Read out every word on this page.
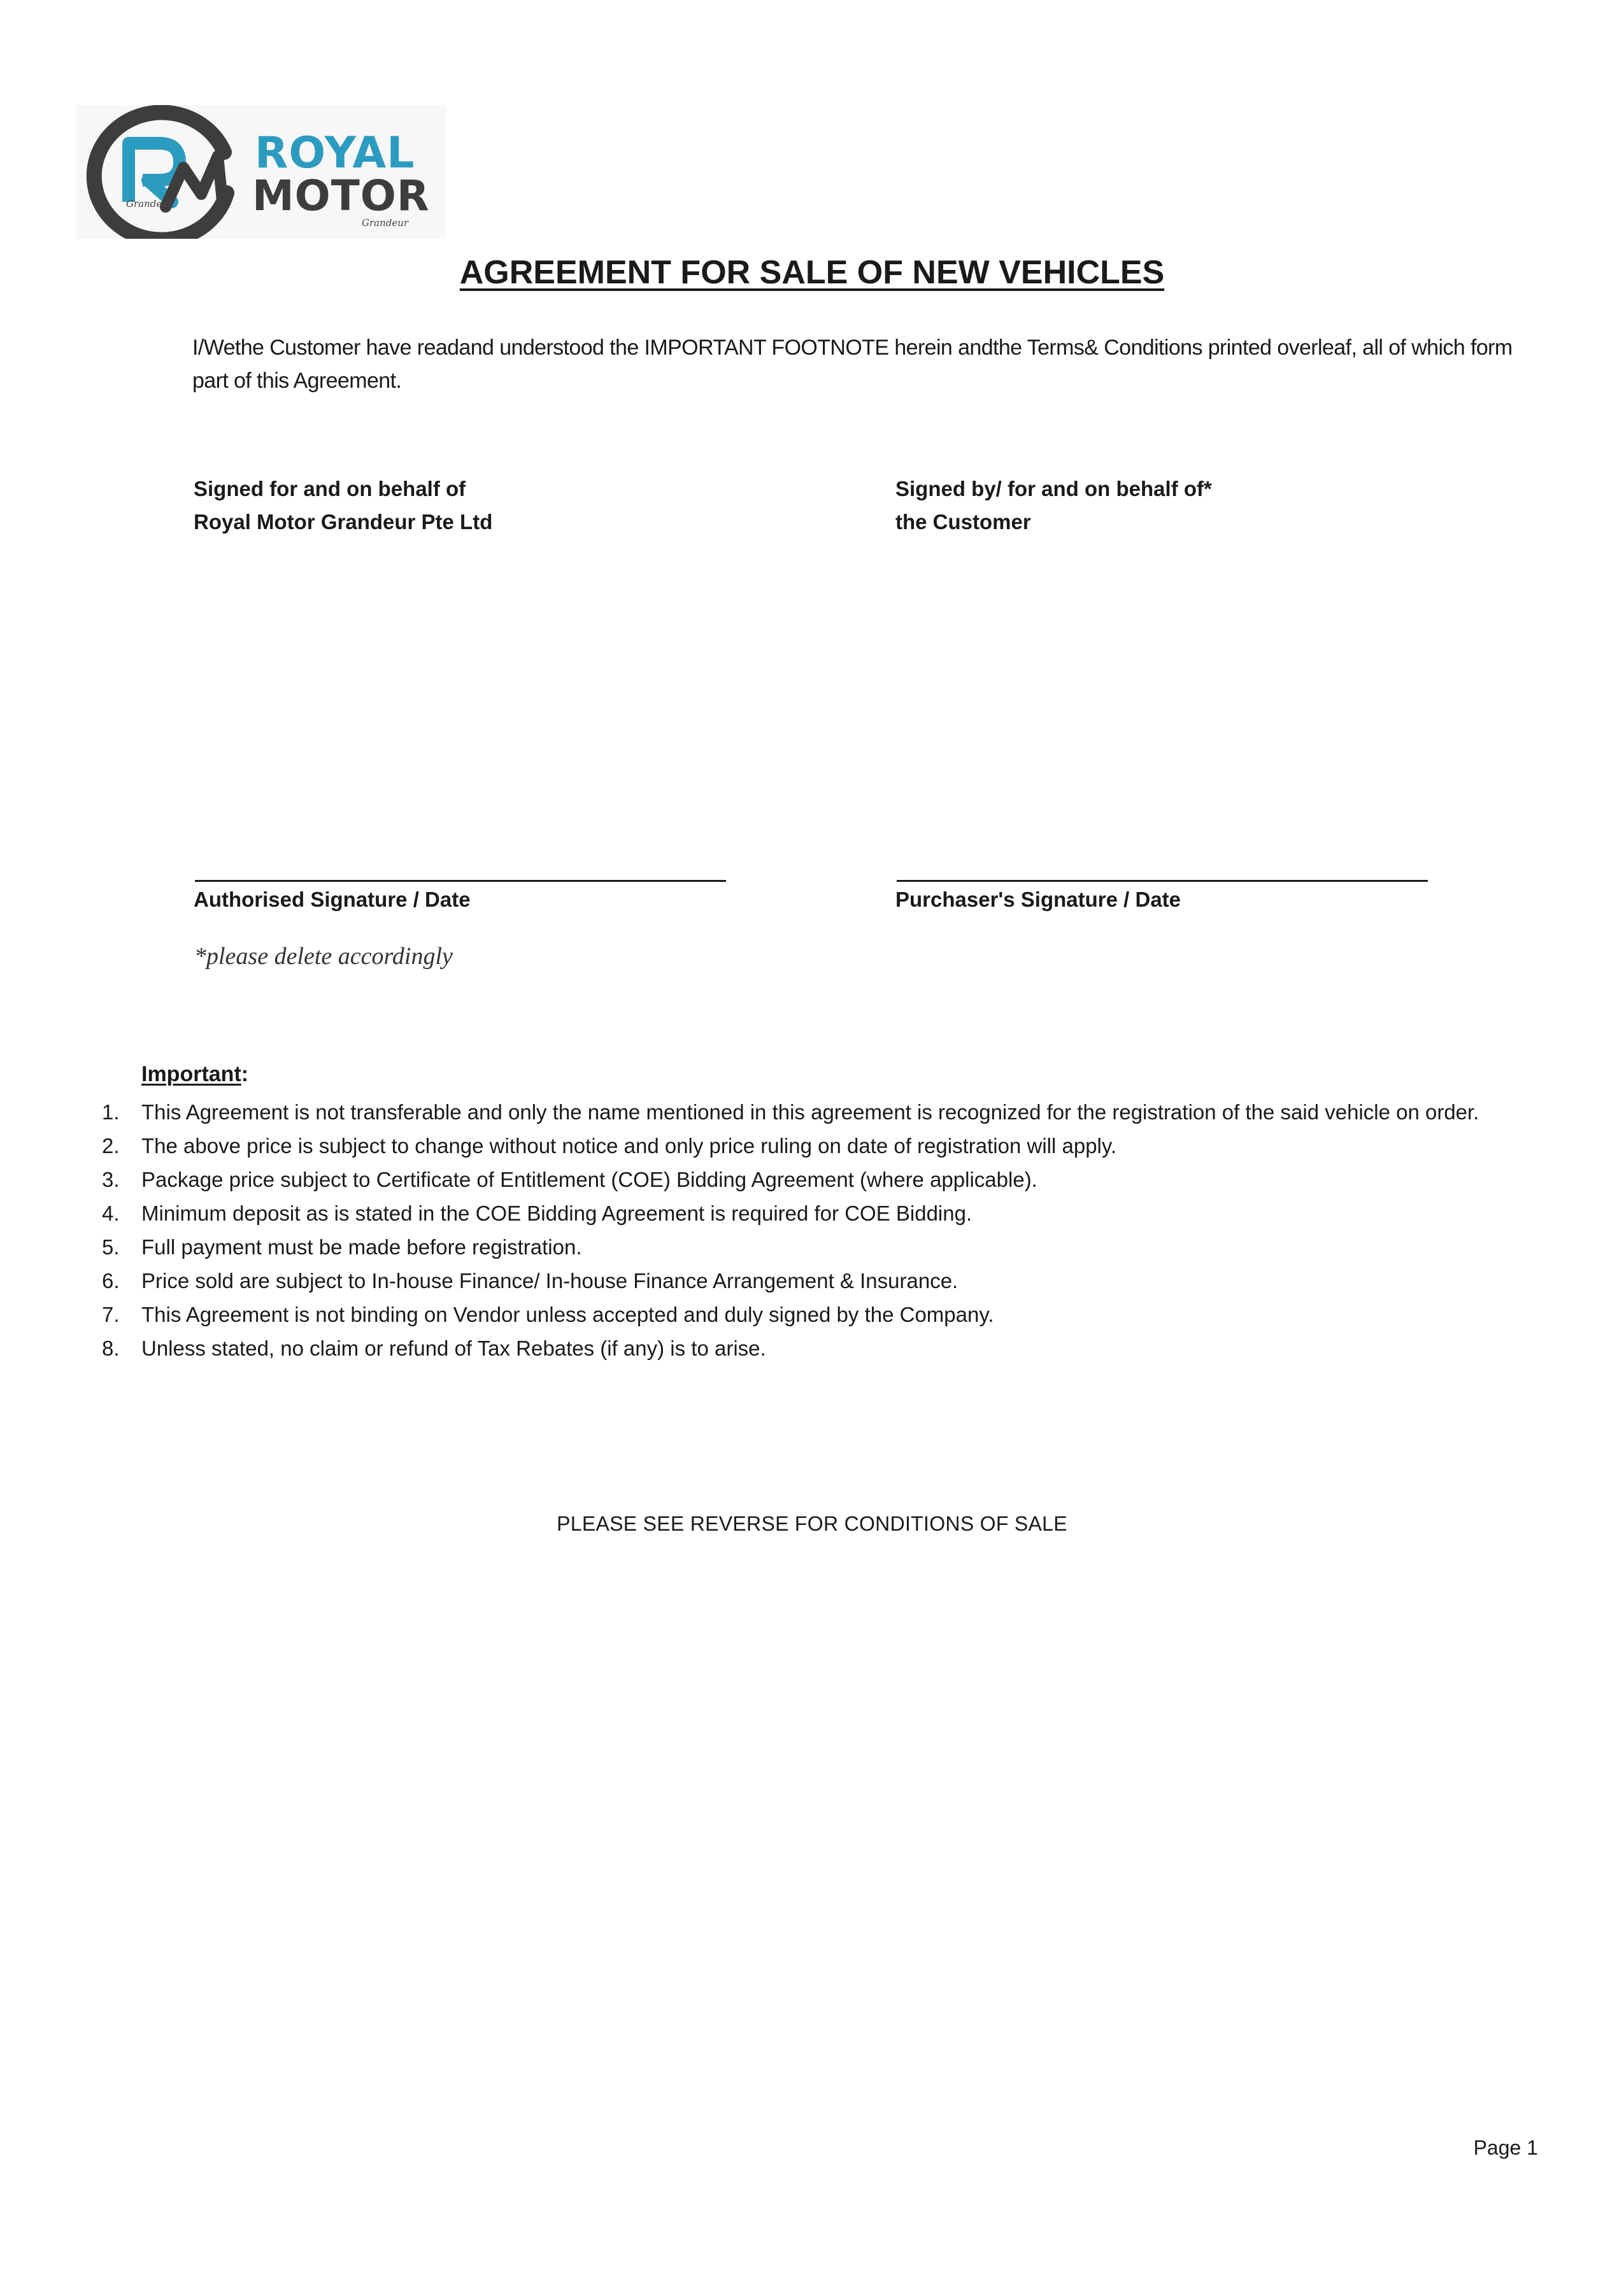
Grandeur
ROYAL
MOTOR
Grandeur
AGREEMENT FOR SALE OF NEW VEHICLES

I/Wethe Customer have readand understood the IMPORTANT FOOTNOTE herein andthe Terms& Conditions printed overleaf, all of which form part of this Agreement.

Signed for and on behalf of
Royal Motor Grandeur Pte Ltd
Signed by/ for and on behalf of*
the Customer
Authorised Signature / Date	Purchaser's Signature / Date
*please delete accordingly
Important:
1. This Agreement is not transferable and only the name mentioned in this agreement is recognized for the registration of the said vehicle on order.
2. The above price is subject to change without notice and only price ruling on date of registration will apply.
3. Package price subject to Certificate of Entitlement (COE) Bidding Agreement (where applicable).
4. Minimum deposit as is stated in the COE Bidding Agreement is required for COE Bidding.
5. Full payment must be made before registration.
6. Price sold are subject to In-house Finance/ In-house Finance Arrangement & Insurance.
7. This Agreement is not binding on Vendor unless accepted and duly signed by the Company.
8. Unless stated, no claim or refund of Tax Rebates (if any) is to arise.
PLEASE SEE REVERSE FOR CONDITIONS OF SALE
Page 1
